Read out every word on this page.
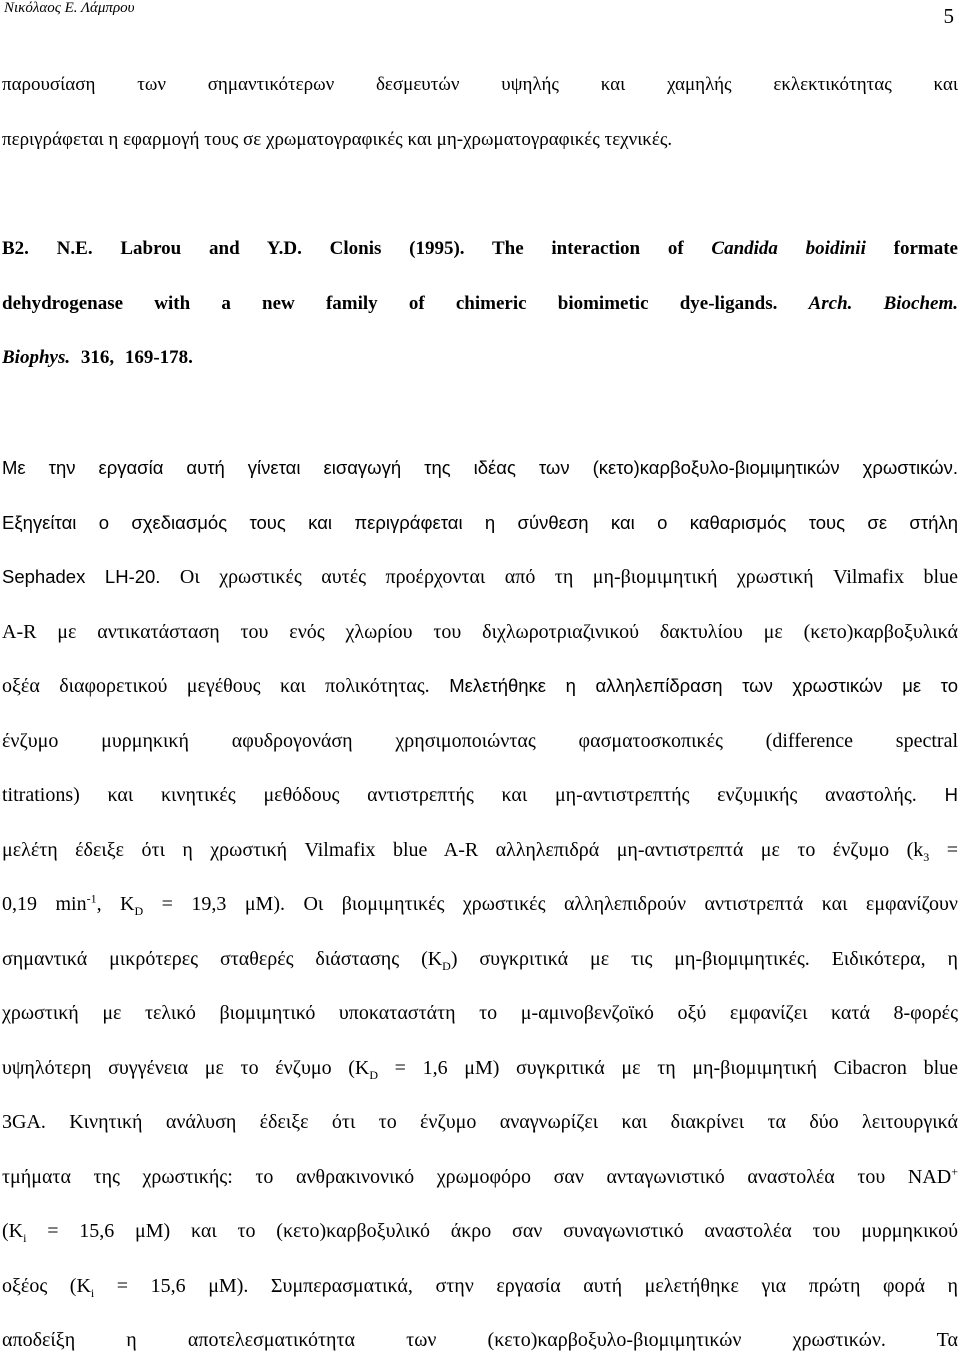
Νικόλαος Ε. Λάμπρου	5
παρουσίαση των σημαντικότερων δεσμευτών υψηλής και χαμηλής εκλεκτικότητας και
περιγράφεται η εφαρμογή τους σε χρωματογραφικές και μη-χρωματογραφικές τεχνικές.
B2. N.E. Labrou and Y.D. Clonis (1995). The interaction of Candida boidinii formate
dehydrogenase with a new family of chimeric biomimetic dye-ligands. Arch. Biochem.
Biophys. 316, 169-178.
Με την εργασία αυτή γίνεται εισαγωγή της ιδέας των (κετο)καρβοξυλο-βιομιμητικών χρωστικών.
Εξηγείται ο σχεδιασμός τους και περιγράφεται η σύνθεση και ο καθαρισμός τους σε στήλη
Sephadex LH-20. Οι χρωστικές αυτές προέρχονται από τη μη-βιομιμητική χρωστική Vilmafix blue
A-R με αντικατάσταση του ενός χλωρίου του διχλωροτριαζινικού δακτυλίου με (κετο)καρβοξυλικά
οξέα διαφορετικού μεγέθους και πολικότητας. Μελετήθηκε η αλληλεπίδραση των χρωστικών με το
ένζυμο μυρμηκική αφυδρογονάση χρησιμοποιώντας φασματοσκοπικές (difference spectral
titrations) και κινητικές μεθόδους αντιστρεπτής και μη-αντιστρεπτής ενζυμικής αναστολής. Η
μελέτη έδειξε ότι η χρωστική Vilmafix blue A-R αλληλεπιδρά μη-αντιστρεπτά με το ένζυμο ($k_3$ =
0,19 $\min^{-1}$, $K_D = 19,3$ μM). Οι βιομιμητικές χρωστικές αλληλεπιδρούν αντιστρεπτά και εμφανίζουν
σημαντικά μικρότερες σταθερές διάστασης $(K_D)$ συγκριτικά με τις μη-βιομιμητικές. Ειδικότερα, η
χρωστική με τελικό βιομιμητικό υποκαταστάτη το μ-αμινοβενζοϊκό οξύ εμφανίζει κατά 8-φορές
υψηλότερη συγγένεια με το ένζυμο ($K_D = 1,6$ μM) συγκριτικά με τη μη-βιομιμητική Cibacron blue
3GA. Κινητική ανάλυση έδειξε ότι το ένζυμο αναγνωρίζει και διακρίνει τα δύο λειτουργικά
τμήματα της χρωστικής: το ανθρακινονικό χρωμοφόρο σαν ανταγωνιστικό αναστολέα του NAD+
($K_i = 15,6$ μM) και το (κετο)καρβοξυλικό άκρο σαν συναγωνιστικό αναστολέα του μυρμηκικού
οξέος ($K_i = 15,6$ μM). Συμπερασματικά, στην εργασία αυτή μελετήθηκε για πρώτη φορά η
αποδείξη η αποτελεσματικότητα των (κετο)καρβοξυλο-βιομιμητικών χρωστικών. Τα
